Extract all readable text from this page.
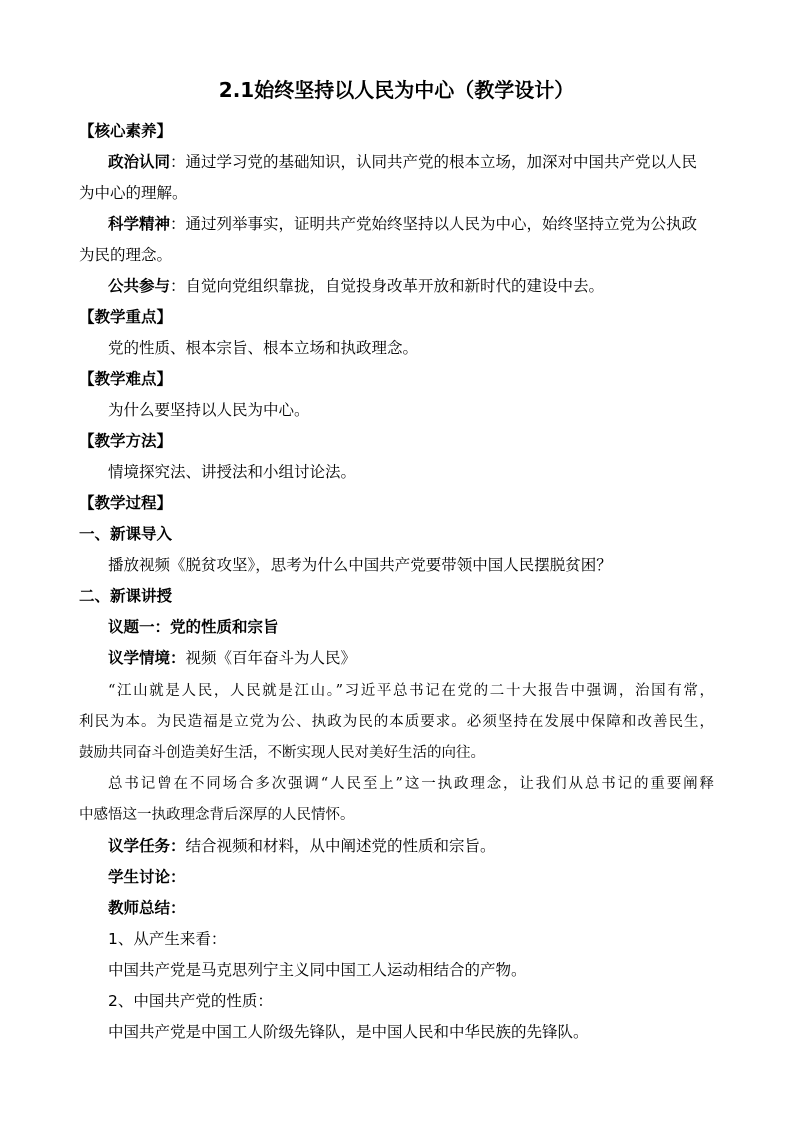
2.1始终坚持以人民为中心（教学设计）
【核心素养】
政治认同：通过学习党的基础知识，认同共产党的根本立场，加深对中国共产党以人民
为中心的理解。
科学精神：通过列举事实，证明共产党始终坚持以人民为中心，始终坚持立党为公执政
为民的理念。
公共参与：自觉向党组织靠拢，自觉投身改革开放和新时代的建设中去。
【教学重点】
党的性质、根本宗旨、根本立场和执政理念。
【教学难点】
为什么要坚持以人民为中心。
【教学方法】
情境探究法、讲授法和小组讨论法。
【教学过程】
一、新课导入
播放视频《脱贫攻坚》，思考为什么中国共产党要带领中国人民摆脱贫困？
二、新课讲授
议题一：党的性质和宗旨
议学情境：视频《百年奋斗为人民》
“江山就是人民，人民就是江山。”习近平总书记在党的二十大报告中强调，治国有常，
利民为本。为民造福是立党为公、执政为民的本质要求。必须坚持在发展中保障和改善民生，
鼓励共同奋斗创造美好生活，不断实现人民对美好生活的向往。
总书记曾在不同场合多次强调“人民至上”这一执政理念，让我们从总书记的重要阐释
中感悟这一执政理念背后深厚的人民情怀。
议学任务：结合视频和材料，从中阐述党的性质和宗旨。
学生讨论：
教师总结：
1、从产生来看：
中国共产党是马克思列宁主义同中国工人运动相结合的产物。
2、中国共产党的性质：
中国共产党是中国工人阶级先锋队，是中国人民和中华民族的先锋队。
